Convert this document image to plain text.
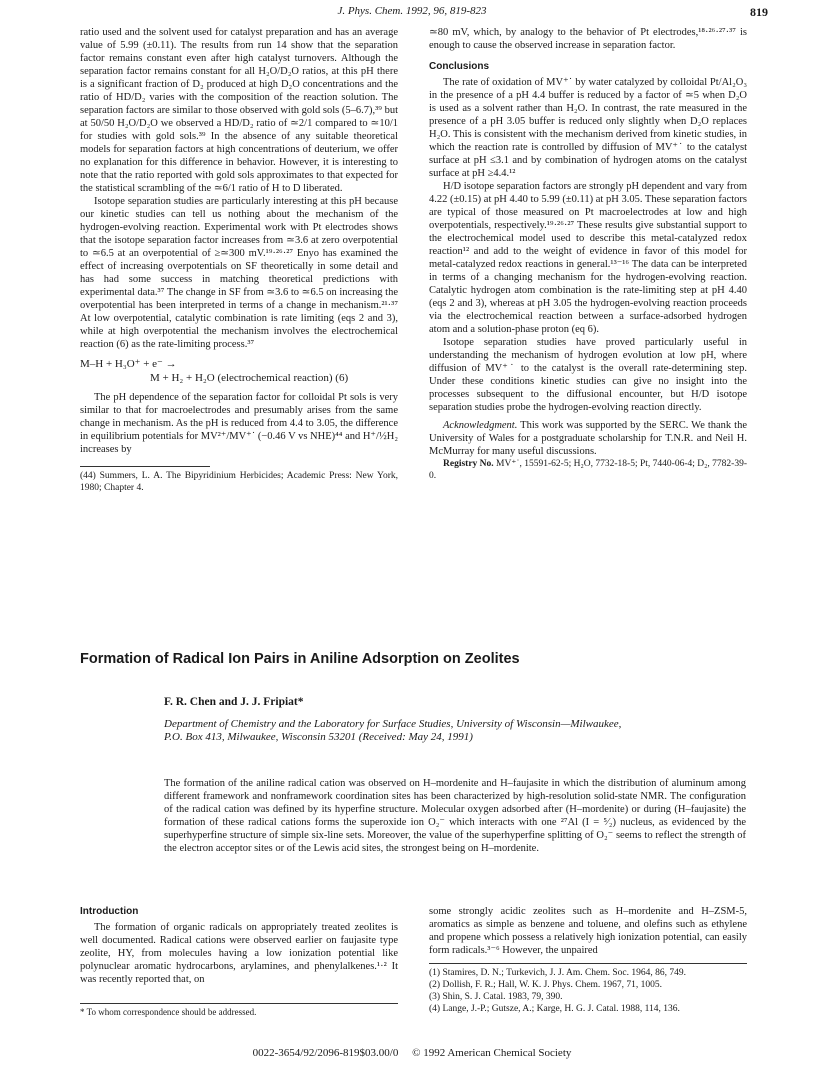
J. Phys. Chem. 1992, 96, 819-823	819

ratio used and the solvent used for catalyst preparation and has an average value of 5.99 (±0.11). The results from run 14 show that the separation factor remains constant even after high catalyst turnovers. Although the separation factor remains constant for all H₂O/D₂O ratios, at this pH there is a significant fraction of D₂ produced at high D₂O concentrations and the ratio of HD/D₂ varies with the composition of the reaction solution. The separation factors are similar to those observed with gold sols (5–6.7),³⁹ but at 50/50 H₂O/D₂O we observed a HD/D₂ ratio of ≃2/1 compared to ≃10/1 for studies with gold sols.³⁹ In the absence of any suitable theoretical models for separation factors at high concentrations of deuterium, we offer no explanation for this difference in behavior. However, it is interesting to note that the ratio reported with gold sols approximates to that expected for the statistical scrambling of the ≃6/1 ratio of H to D liberated.

Isotope separation studies are particularly interesting at this pH because our kinetic studies can tell us nothing about the mechanism of the hydrogen-evolving reaction. Experimental work with Pt electrodes shows that the isotope separation factor increases from ≃3.6 at zero overpotential to ≃6.5 at an overpotential of ≥≃300 mV.¹⁹·²⁶·²⁷ Enyo has examined the effect of increasing overpotentials on SF theoretically in some detail and has had some success in matching theoretical predictions with experimental data.³⁷ The change in SF from ≃3.6 to ≃6.5 on increasing the overpotential has been interpreted in terms of a change in mechanism.²¹·³⁷ At low overpotential, catalytic combination is rate limiting (eqs 2 and 3), while at high overpotential the mechanism involves the electrochemical reaction (6) as the rate-limiting process.³⁷

M–H + H₃O⁺ + e⁻ →
M + H₂ + H₂O (electrochemical reaction) (6)

The pH dependence of the separation factor for colloidal Pt sols is very similar to that for macroelectrodes and presumably arises from the same change in mechanism. As the pH is reduced from 4.4 to 3.05, the difference in equilibrium potentials for MV²⁺/MV⁺˙ (−0.46 V vs NHE)⁴⁴ and H⁺/½H₂ increases by

(44) Summers, L. A. The Bipyridinium Herbicides; Academic Press: New York, 1980; Chapter 4.

≃80 mV, which, by analogy to the behavior of Pt electrodes,¹⁸·²⁶·²⁷·³⁷ is enough to cause the observed increase in separation factor.

Conclusions

The rate of oxidation of MV⁺˙ by water catalyzed by colloidal Pt/Al₂O₃ in the presence of a pH 4.4 buffer is reduced by a factor of ≃5 when D₂O is used as a solvent rather than H₂O. In contrast, the rate measured in the presence of a pH 3.05 buffer is reduced only slightly when D₂O replaces H₂O. This is consistent with the mechanism derived from kinetic studies, in which the reaction rate is controlled by diffusion of MV⁺˙ to the catalyst surface at pH ≤3.1 and by combination of hydrogen atoms on the catalyst surface at pH ≥4.4.¹²

H/D isotope separation factors are strongly pH dependent and vary from 4.22 (±0.15) at pH 4.40 to 5.99 (±0.11) at pH 3.05. These separation factors are typical of those measured on Pt macroelectrodes at low and high overpotentials, respectively.¹⁹·²⁶·²⁷ These results give substantial support to the electrochemical model used to describe this metal-catalyzed redox reaction¹² and add to the weight of evidence in favor of this model for metal-catalyzed redox reactions in general.¹³⁻¹⁶ The data can be interpreted in terms of a changing mechanism for the hydrogen-evolving reaction. Catalytic hydrogen atom combination is the rate-limiting step at pH 4.40 (eqs 2 and 3), whereas at pH 3.05 the hydrogen-evolving reaction proceeds via the electrochemical reaction between a surface-adsorbed hydrogen atom and a solution-phase proton (eq 6).

Isotope separation studies have proved particularly useful in understanding the mechanism of hydrogen evolution at low pH, where diffusion of MV⁺˙ to the catalyst is the overall rate-determining step. Under these conditions kinetic studies can give no insight into the processes subsequent to the diffusional encounter, but H/D isotope separation studies probe the hydrogen-evolving reaction directly.

Acknowledgment. This work was supported by the SERC. We thank the University of Wales for a postgraduate scholarship for T.N.R. and Neil H. McMurray for many useful discussions.

Registry No. MV⁺˙, 15591-62-5; H₂O, 7732-18-5; Pt, 7440-06-4; D₂, 7782-39-0.

Formation of Radical Ion Pairs in Aniline Adsorption on Zeolites
F. R. Chen and J. J. Fripiat*
Department of Chemistry and the Laboratory for Surface Studies, University of Wisconsin—Milwaukee,
P.O. Box 413, Milwaukee, Wisconsin 53201 (Received: May 24, 1991)
The formation of the aniline radical cation was observed on H–mordenite and H–faujasite in which the distribution of aluminum among different framework and nonframework coordination sites has been characterized by high-resolution solid-state NMR. The configuration of the radical cation was defined by its hyperfine structure. Molecular oxygen adsorbed after (H–mordenite) or during (H–faujasite) the formation of these radical cations forms the superoxide ion O₂⁻ which interacts with one ²⁷Al (I = ⁵⁄₂) nucleus, as evidenced by the superhyperfine structure of simple six-line sets. Moreover, the value of the superhyperfine splitting of O₂⁻ seems to reflect the strength of the electron acceptor sites or of the Lewis acid sites, the strongest being on H–mordenite.
Introduction

The formation of organic radicals on appropriately treated zeolites is well documented. Radical cations were observed earlier on faujasite type zeolite, HY, from molecules having a low ionization potential like polynuclear aromatic hydrocarbons, arylamines, and phenylalkenes.¹·² It was recently reported that, on

some strongly acidic zeolites such as H–mordenite and H–ZSM-5, aromatics as simple as benzene and toluene, and olefins such as ethylene and propene which possess a relatively high ionization potential, can easily form radicals.³⁻⁶ However, the unpaired

(1) Stamires, D. N.; Turkevich, J. J. Am. Chem. Soc. 1964, 86, 749.
(2) Dollish, F. R.; Hall, W. K. J. Phys. Chem. 1967, 71, 1005.
(3) Shin, S. J. Catal. 1983, 79, 390.
(4) Lange, J.-P.; Gutsze, A.; Karge, H. G. J. Catal. 1988, 114, 136.
* To whom correspondence should be addressed.
0022-3654/92/2096-819$03.00/0 © 1992 American Chemical Society
